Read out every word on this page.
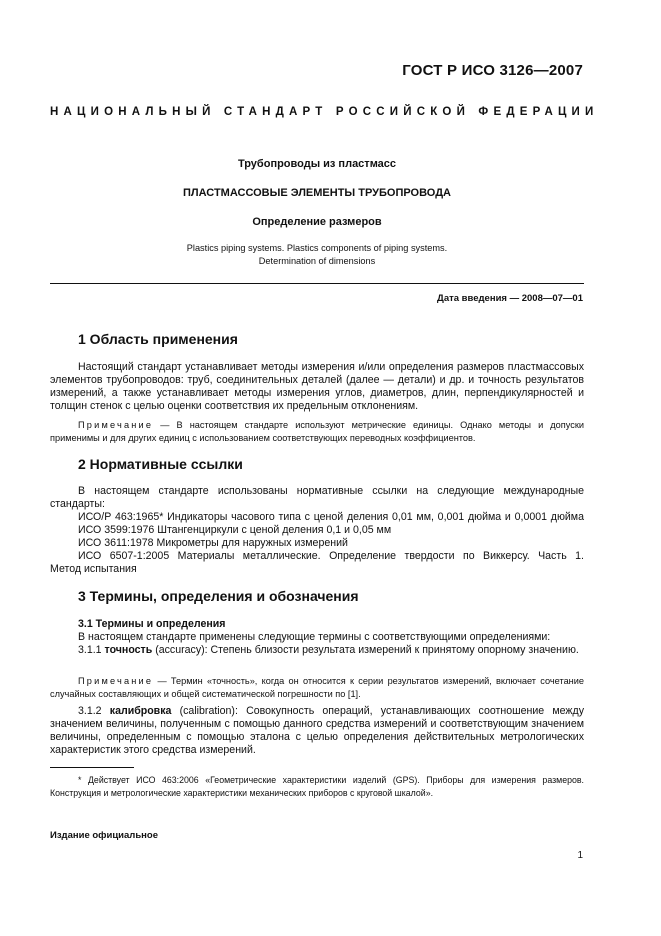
ГОСТ Р ИСО 3126—2007
НАЦИОНАЛЬНЫЙ СТАНДАРТ РОССИЙСКОЙ ФЕДЕРАЦИИ
Трубопроводы из пластмасс
ПЛАСТМАССОВЫЕ ЭЛЕМЕНТЫ ТРУБОПРОВОДА
Определение размеров
Plastics piping systems. Plastics components of piping systems.
Determination of dimensions
Дата введения — 2008—07—01
1 Область применения

Настоящий стандарт устанавливает методы измерения и/или определения размеров пластмассовых элементов трубопроводов: труб, соединительных деталей (далее — детали) и др. и точность результатов измерений, а также устанавливает методы измерения углов, диаметров, длин, перпендикулярностей и толщин стенок с целью оценки соответствия их предельным отклонениям.

Примечание — В настоящем стандарте используют метрические единицы. Однако методы и допуски применимы и для других единиц с использованием соответствующих переводных коэффициентов.

2 Нормативные ссылки

В настоящем стандарте использованы нормативные ссылки на следующие международные стандарты:

ИСО/Р 463:1965* Индикаторы часового типа с ценой деления 0,01 мм, 0,001 дюйма и 0,0001 дюйма
ИСО 3599:1976 Штангенциркули с ценой деления 0,1 и 0,05 мм
ИСО 3611:1978 Микрометры для наружных измерений
ИСО 6507-1:2005 Материалы металлические. Определение твердости по Виккерсу. Часть 1.
Метод испытания
3 Термины, определения и обозначения
3.1 Термины и определения
В настоящем стандарте применены следующие термины с соответствующими определениями:

3.1.1 точность (accuracy): Степень близости результата измерений к принятому опорному значению.

Примечание — Термин «точность», когда он относится к серии результатов измерений, включает сочетание случайных составляющих и общей систематической погрешности по [1].

3.1.2 калибровка (calibration): Совокупность операций, устанавливающих соотношение между значением величины, полученным с помощью данного средства измерений и соответствующим значением величины, определенным с помощью эталона с целью определения действительных метрологических характеристик этого средства измерений.

* Действует ИСО 463:2006 «Геометрические характеристики изделий (GPS). Приборы для измерения размеров. Конструкция и метрологические характеристики механических приборов с круговой шкалой».

Издание официальное
1
